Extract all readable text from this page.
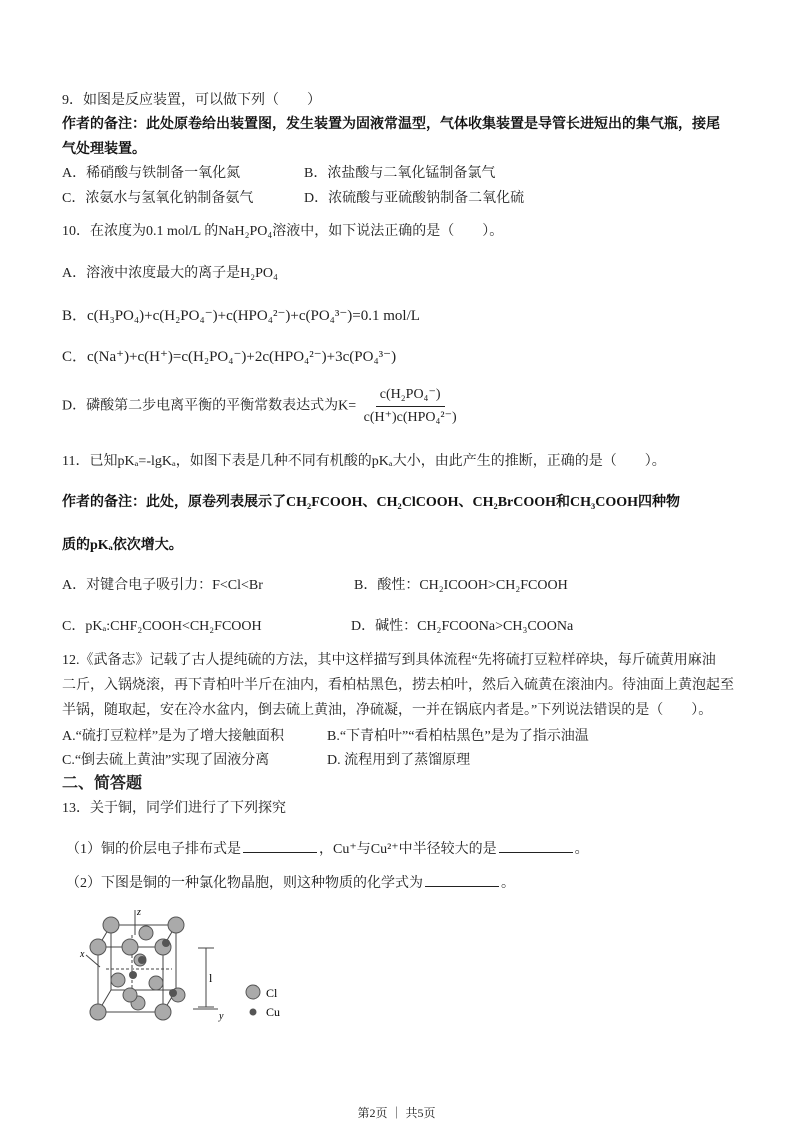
9．如图是反应装置，可以做下列（　　）
作者的备注：此处原卷给出装置图，发生装置为固液常温型，气体收集装置是导管长进短出的集气瓶，接尾
气处理装置。
A．稀硝酸与铁制备一氧化氮	B．浓盐酸与二氧化锰制备氯气
C．浓氨水与氢氧化钠制备氨气	D．浓硫酸与亚硫酸钠制备二氧化硫
10．在浓度为0.1 mol/L 的NaH₂PO₄溶液中，如下说法正确的是（　　）。
A．溶液中浓度最大的离子是H₂PO₄
B．c(H₃PO₄)+c(H₂PO₄⁻)+c(HPO₄²⁻)+c(PO₄³⁻)=0.1 mol/L
C．c(Na⁺)+c(H⁺)=c(H₂PO₄⁻)+2c(HPO₄²⁻)+3c(PO₄³⁻)
D．磷酸第二步电离平衡的平衡常数表达式为$K= \frac{\text{c(H₂PO₄⁻)}}{\text{c(H⁺)c(HPO₄²⁻)}}$
11．已知pKₐ=-lgKₐ，如图下表是几种不同有机酸的pKₐ大小，由此产生的推断，正确的是（　　）。
作者的备注：此处，原卷列表展示了CH₂FCOOH、CH₂ClCOOH、CH₂BrCOOH和CH₃COOH四种物
质的pKₐ依次增大。
A．对键合电子吸引力：F<Cl<Br	B．酸性：CH₂ICOOH>CH₂FCOOH
C．pKₐ:CHF₂COOH<CH₂FCOOH	D．碱性：CH₂FCOONa>CH₃COONa
12.《武备志》记载了古人提纯硫的方法，其中这样描写到具体流程“先将硫打豆粒样碎块，每斤硫黄用麻油
二斤，入锅烧滚，再下青柏叶半斤在油内，看柏枯黑色，捞去柏叶，然后入硫黄在滚油内。待油面上黄泡起至
半锅，随取起，安在冷水盆内，倒去硫上黄油，净硫凝，一并在锅底内者是。”下列说法错误的是（　　）。
A.“硫打豆粒样”是为了增大接触面积	B.“下青柏叶”“看柏枯黑色”是为了指示油温
C.“倒去硫上黄油”实现了固液分离	D. 流程用到了蒸馏原理
二、简答题
13．关于铜，同学们进行了下列探究
（1）铜的价层电子排布式是	，Cu⁺与Cu²⁺中半径较大的是	。
（2）下图是铜的一种氯化物晶胞，则这种物质的化学式为	。
z
x
y
l
Cl
Cu
第2页 ｜ 共5页
